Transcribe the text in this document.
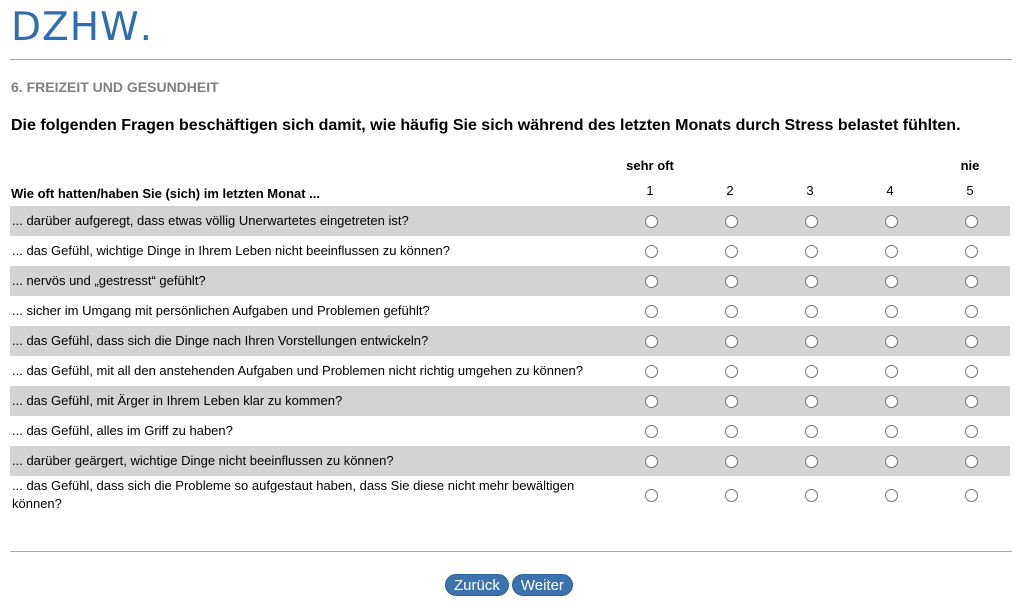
DZHW .
6. FREIZEIT UND GESUNDHEIT
Die folgenden Fragen beschäftigen sich damit, wie häufig Sie sich während des letzten Monats durch Stress belastet fühlten.
sehr oft	nie
1	2	3	4	5
Wie oft hatten/haben Sie (sich) im letzten Monat ...
... darüber aufgeregt, dass etwas völlig Unerwartetes eingetreten ist?
... das Gefühl, wichtige Dinge in Ihrem Leben nicht beeinflussen zu können?
... nervös und „gestresst“ gefühlt?
... sicher im Umgang mit persönlichen Aufgaben und Problemen gefühlt?
... das Gefühl, dass sich die Dinge nach Ihren Vorstellungen entwickeln?
... das Gefühl, mit all den anstehenden Aufgaben und Problemen nicht richtig umgehen zu können?
... das Gefühl, mit Ärger in Ihrem Leben klar zu kommen?
... das Gefühl, alles im Griff zu haben?
... darüber geärgert, wichtige Dinge nicht beeinflussen zu können?
... das Gefühl, dass sich die Probleme so aufgestaut haben, dass Sie diese nicht mehr bewältigen können?
Zurück	Weiter
